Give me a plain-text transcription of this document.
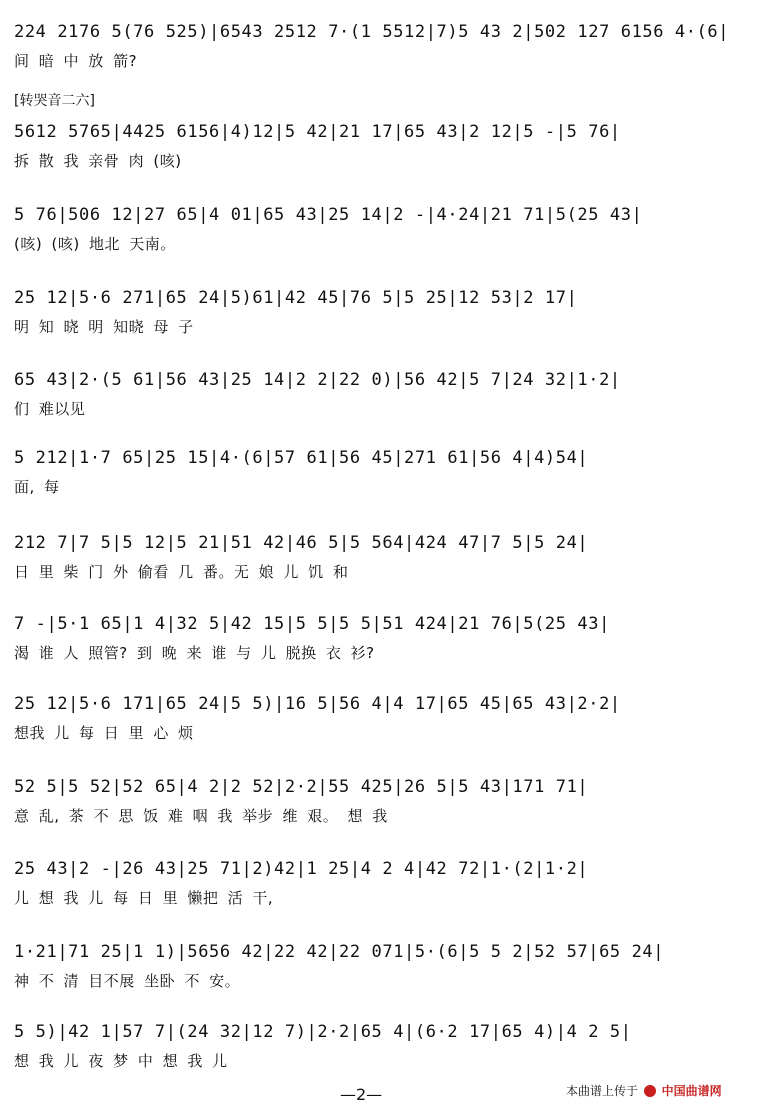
[转哭音二六]
224 2176 5(76 525)|6543 2512 7·(1 5512|7)5 43 2|502 127 6156 4·(6|
间 暗 中 放 箭?
5612 5765|4425 6156|4)12|5 42|21 17|65 43|2 12|5 -|5 76|
拆 散 我 亲骨 肉 (咳)
5 76|506 12|27 65|4 01|65 43|25 14|2 -|4·24|21 71|5(25 43|
(咳) (咳) 地北 天南。
25 12|5·6 271|65 24|5)61|42 45|76 5|5 25|12 53|2 17|
明 知 晓 明 知晓 母 子
65 43|2·(5 61|56 43|25 14|2 2|22 0)|56 42|5 7|24 32|1·2|
们 难以见
5 212|1·7 65|25 15|4·(6|57 61|56 45|271 61|56 4|4)54|
面, 每
212 7|7 5|5 12|5 21|51 42|46 5|5 564|424 47|7 5|5 24|
日 里 柴 门 外 偷看 几 番。无 娘 儿 饥 和
7 -|5·1 65|1 4|32 5|42 15|5 5|5 5|51 424|21 76|5(25 43|
渴 谁 人 照管? 到 晚 来 谁 与 儿 脱换 衣 衫?
25 12|5·6 171|65 24|5 5)|16 5|56 4|4 17|65 45|65 43|2·2|
想我 儿 每 日 里 心 烦
52 5|5 52|52 65|4 2|2 52|2·2|55 425|26 5|5 43|171 71|
意 乱, 茶 不 思 饭 难 咽 我 举步 维 艰。 想 我
25 43|2 -|26 43|25 71|2)42|1 25|4 2 4|42 72|1·(2|1·2|
儿 想 我 儿 每 日 里 懒把 活 干,
1·21|71 25|1 1)|5656 42|22 42|22 071|5·(6|5 5 2|52 57|65 24|
神 不 清 目不展 坐卧 不 安。
5 5)|42 1|57 7|(24 32|12 7)|2·2|65 4|(6·2 17|65 4)|4 2 5|
想 我 儿 夜 梦 中 想 我 儿
—2—	本曲谱上传于 中国曲谱网
